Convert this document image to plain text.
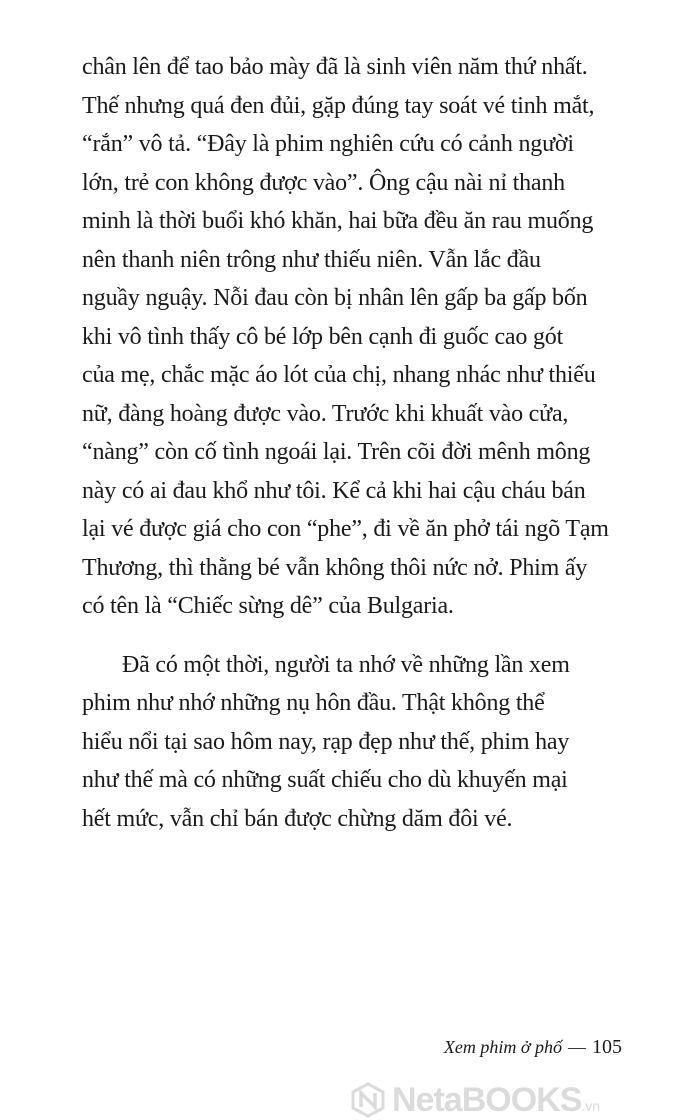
chân lên để tao bảo mày đã là sinh viên năm thứ nhất.
Thế nhưng quá đen đủi, gặp đúng tay soát vé tinh mắt,
“rắn” vô tả. “Đây là phim nghiên cứu có cảnh người
lớn, trẻ con không được vào”. Ông cậu nài nỉ thanh
minh là thời buổi khó khăn, hai bữa đều ăn rau muống
nên thanh niên trông như thiếu niên. Vẫn lắc đầu
nguầy nguậy. Nỗi đau còn bị nhân lên gấp ba gấp bốn
khi vô tình thấy cô bé lớp bên cạnh đi guốc cao gót
của mẹ, chắc mặc áo lót của chị, nhang nhác như thiếu
nữ, đàng hoàng được vào. Trước khi khuất vào cửa,
“nàng” còn cố tình ngoái lại. Trên cõi đời mênh mông
này có ai đau khổ như tôi. Kể cả khi hai cậu cháu bán
lại vé được giá cho con “phe”, đi về ăn phở tái ngõ Tạm
Thương, thì thằng bé vẫn không thôi nức nở. Phim ấy
có tên là “Chiếc sừng dê” của Bulgaria.
Đã có một thời, người ta nhớ về những lần xem
phim như nhớ những nụ hôn đầu. Thật không thể
hiểu nổi tại sao hôm nay, rạp đẹp như thế, phim hay
như thế mà có những suất chiếu cho dù khuyến mại
hết mức, vẫn chỉ bán được chừng dăm đôi vé.
Xem phim ở phố — 105
NetaBOOKS.vn
